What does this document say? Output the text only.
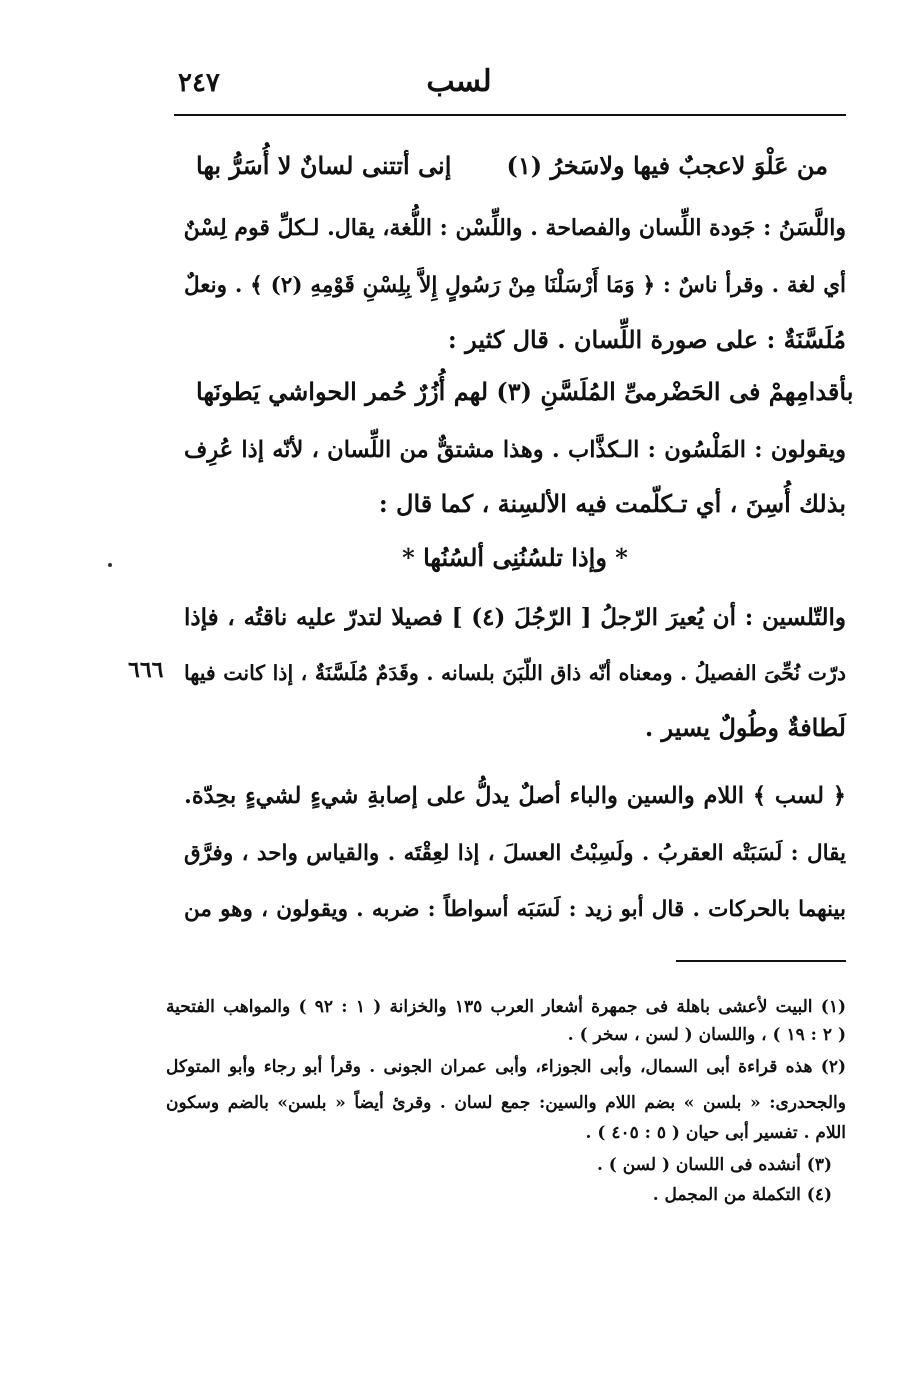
٢٤٧	لسب
إنى أتتنى لسانٌ لا أُسَرُّ بها من عَلْوَ لاعجبٌ فيها ولاسَخرُ (١)
واللَّسَنُ : جَودة اللِّسان والفصاحة . واللِّسْن : اللُّغة، يقال. لـكلِّ قوم لِسْنٌ
أي لغة . وقرأ ناسٌ : ﴿ وَمَا أَرْسَلْنَا مِنْ رَسُولٍ إِلاَّ بِلِسْنِ قَوْمِهِ (٢) ﴾ . ونعلٌ
مُلَسَّنَةٌ : على صورة اللِّسان . قال كثير :
لهم أُزُرٌ حُمر الحواشي يَطونَها بأقدامِهمْ فى الحَضْرمىِّ المُلَسَّنِ (٣)
ويقولون : المَلْسُون : الـكذَّاب . وهذا مشتقٌّ من اللِّسان ، لأنّه إذا عُرِف
بذلك أُسِنَ ، أي تـكلّمت فيه الألسِنة ، كما قال :
* وإذا تلسُنُنِى ألسُنُها *
والتّلسين : أن يُعيرَ الرّجلُ [ الرّجُلَ (٤) ] فصيلا لتدرّ عليه ناقتُه ، فإذا
درّت نُحِّىَ الفصيلُ . ومعناه أنّه ذاق اللّبَنَ بلسانه . وقَدَمٌ مُلَسَّنَةٌ ، إذا كانت فيها
٦٦٦
لَطافةٌ وطُولٌ يسير .
﴿ لسب ﴾ اللام والسين والباء أصلٌ يدلُّ على إصابةِ شيءٍ لشيءٍ بحِدّة.
يقال : لَسَبَتْه العقربُ . ولَسِبْتُ العسلَ ، إذا لعِقْتَه . والقياس واحد ، وفرَّق
بينهما بالحركات . قال أبو زيد : لَسَبَه أسواطاً : ضربه . ويقولون ، وهو من
(١) البيت لأعشى باهلة فى جمهرة أشعار العرب ١٣٥ والخزانة ( ١ : ٩٢ ) والمواهب الفتحية
( ٢ : ١٩ ) ، واللسان ( لسن ، سخر ) .
(٢) هذه قراءة أبى السمال، وأبى الجوزاء، وأبى عمران الجونى . وقرأ أبو رجاء وأبو المتوكل
والجحدرى: « بلسن » بضم اللام والسين: جمع لسان . وقرئ أيضاً « بلسن» بالضم وسكون
اللام . تفسير أبى حيان ( ٥ : ٤٠٥ ) .
(٣) أنشده فى اللسان ( لسن ) .
(٤) التكملة من المجمل .
